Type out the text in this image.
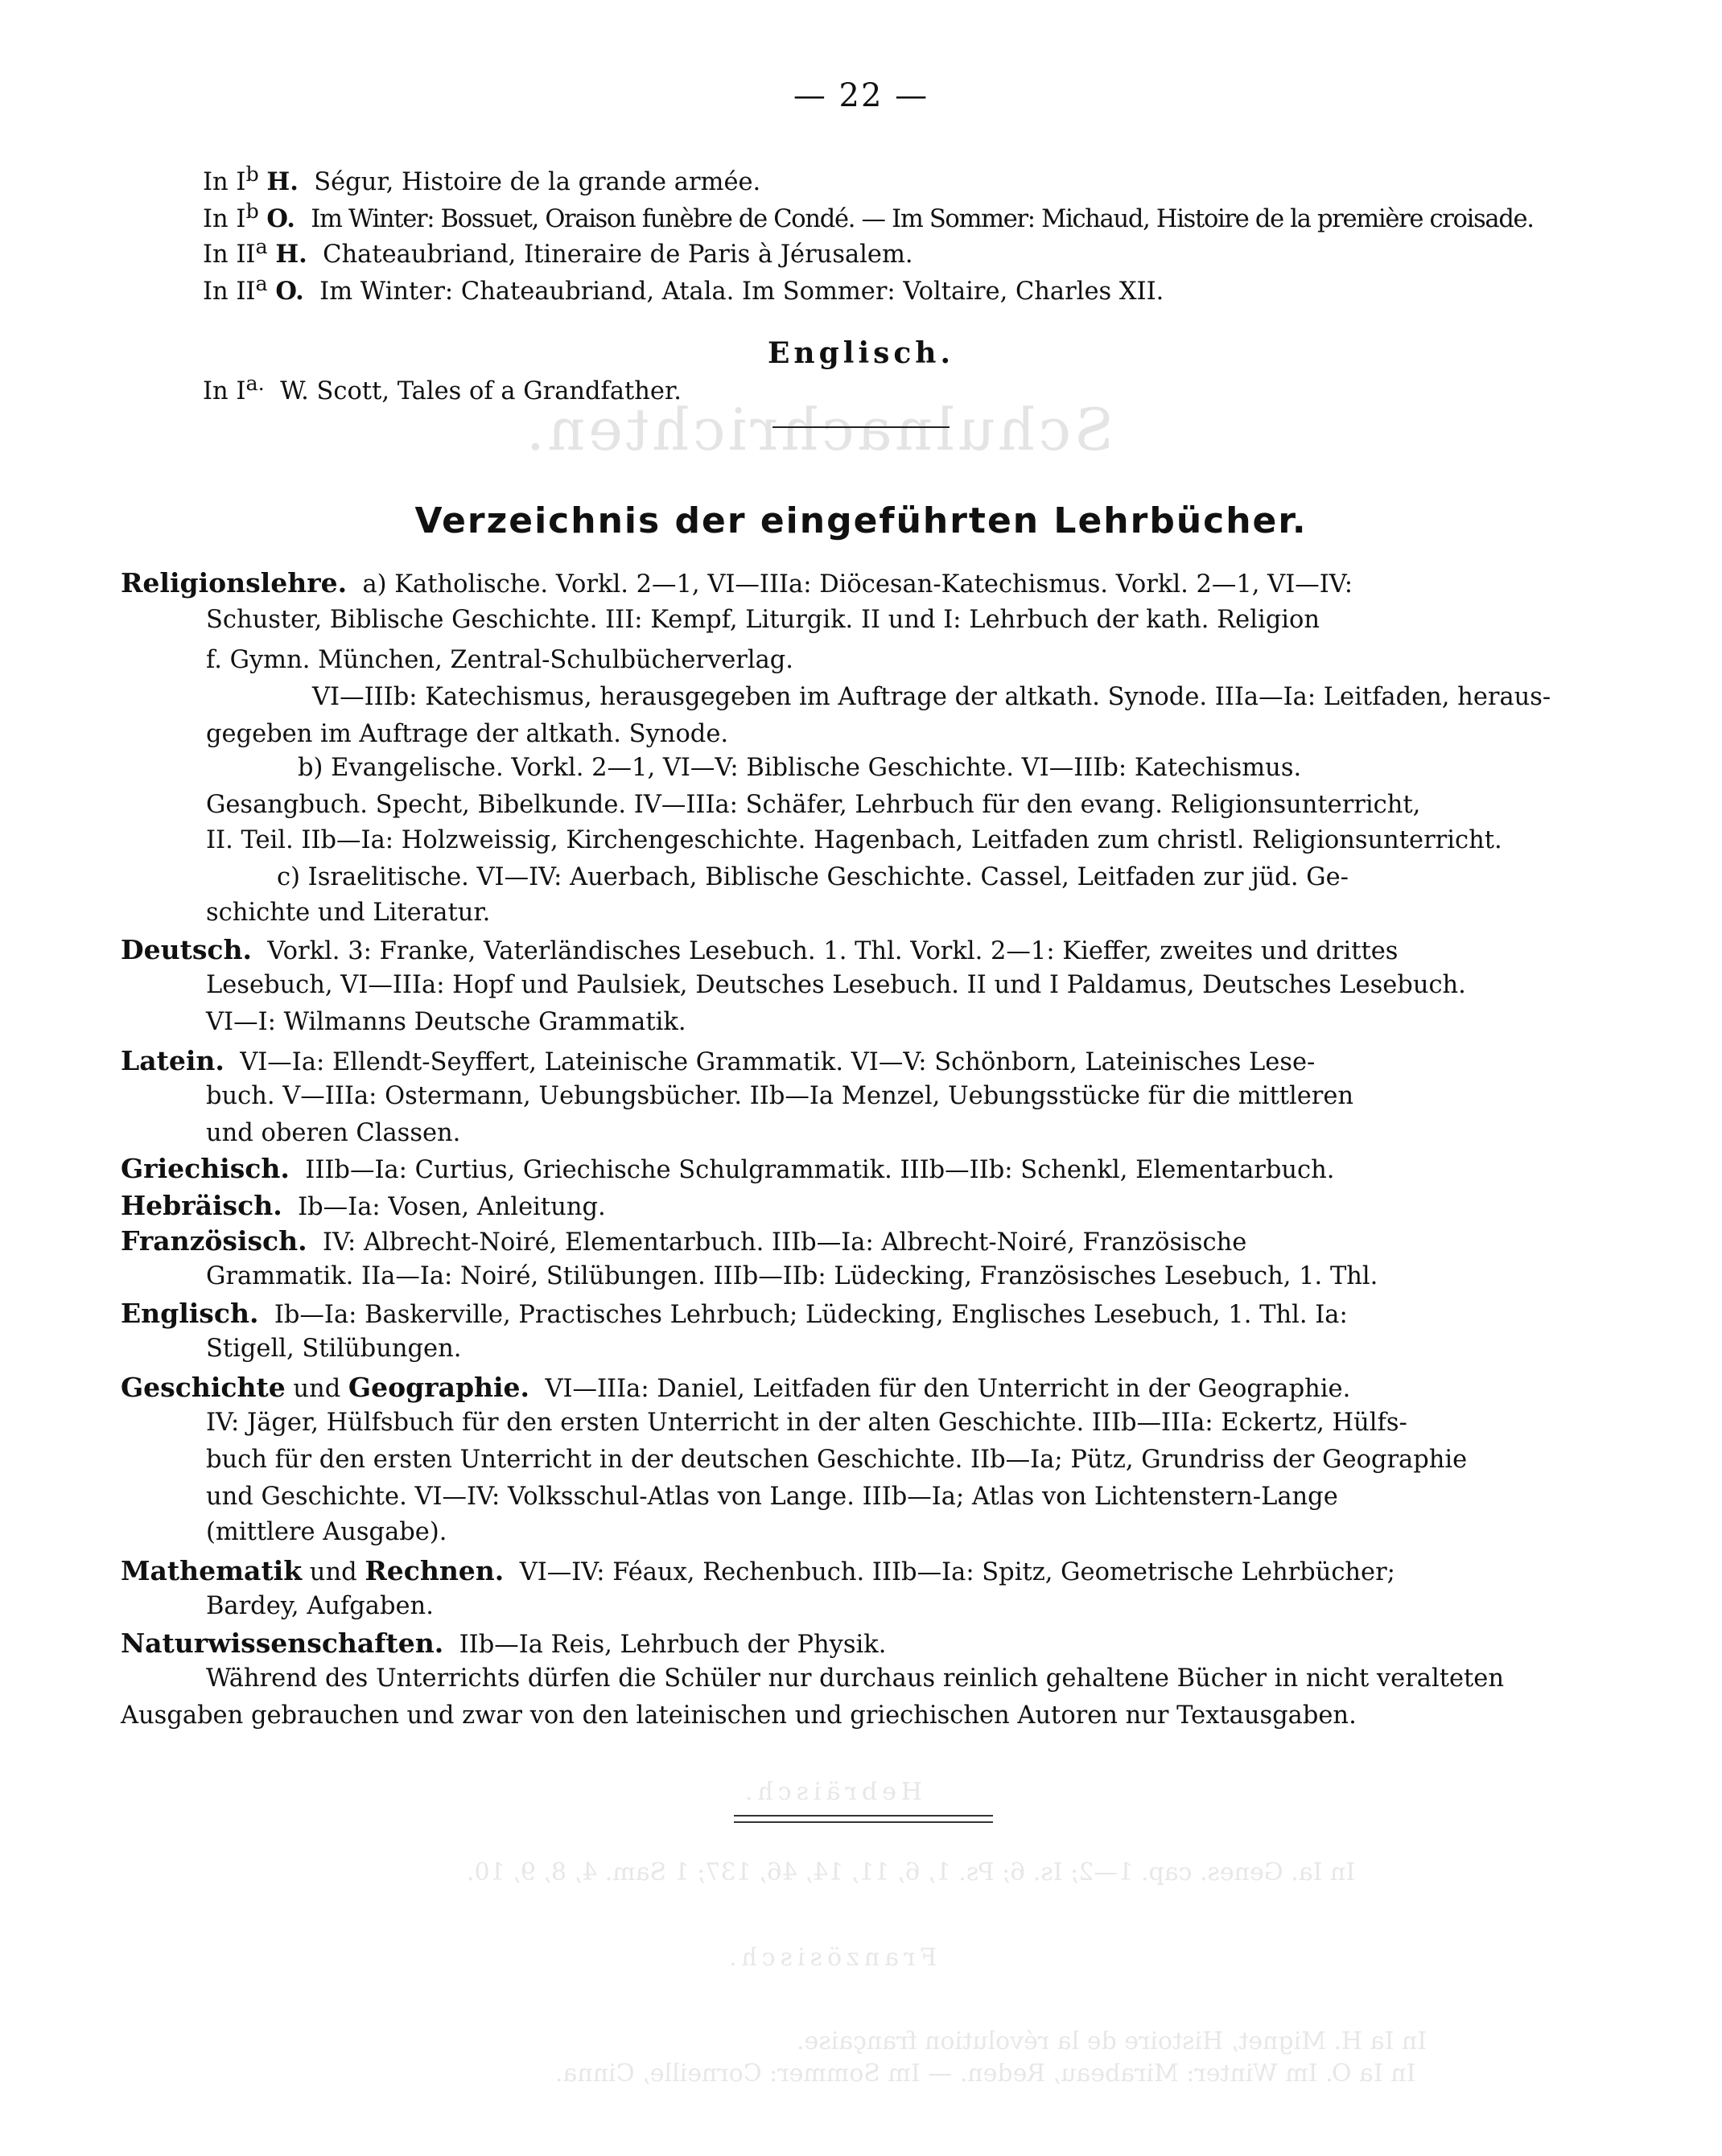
Schulnachrichten.
Hebräisch.
In Ia. Genes. cap. 1—2; Is. 6; Ps. 1, 6, 11, 14, 46, 137; 1 Sam. 4, 8, 9, 10.
Französisch.
In Ia H. Mignet, Histoire de la révolution française.
In Ia O. Im Winter: Mirabeau, Reden. — Im Sommer: Corneille, Cinna.
— 22 —
In $I^b$ H. Ségur, Histoire de la grande armée.
In $I^b$ O. Im Winter: Bossuet, Oraison funèbre de Condé. — Im Sommer: Michaud, Histoire de la première croisade.
In $II^a$ H. Chateaubriand, Itineraire de Paris à Jérusalem.
In $II^a$ O. Im Winter: Chateaubriand, Atala. Im Sommer: Voltaire, Charles XII.
Englisch.
In $I^{a.}$ W. Scott, Tales of a Grandfather.
Verzeichnis der eingeführten Lehrbücher.
Religionslehre. a) Katholische. Vorkl. 2—1, VI—IIIa: Diöcesan-Katechismus. Vorkl. 2—1, VI—IV:
Schuster, Biblische Geschichte. III: Kempf, Liturgik. II und I: Lehrbuch der kath. Religion
f. Gymn. München, Zentral-Schulbücherverlag.
VI—IIIb: Katechismus, herausgegeben im Auftrage der altkath. Synode. IIIa—Ia: Leitfaden, heraus-
gegeben im Auftrage der altkath. Synode.
b) Evangelische. Vorkl. 2—1, VI—V: Biblische Geschichte. VI—IIIb: Katechismus.
Gesangbuch. Specht, Bibelkunde. IV—IIIa: Schäfer, Lehrbuch für den evang. Religionsunterricht,
II. Teil. IIb—Ia: Holzweissig, Kirchengeschichte. Hagenbach, Leitfaden zum christl. Religionsunterricht.
c) Israelitische. VI—IV: Auerbach, Biblische Geschichte. Cassel, Leitfaden zur jüd. Ge-
schichte und Literatur.
Deutsch. Vorkl. 3: Franke, Vaterländisches Lesebuch. 1. Thl. Vorkl. 2—1: Kieffer, zweites und drittes
Lesebuch, VI—IIIa: Hopf und Paulsiek, Deutsches Lesebuch. II und I Paldamus, Deutsches Lesebuch.
VI—I: Wilmanns Deutsche Grammatik.
Latein. VI—Ia: Ellendt-Seyffert, Lateinische Grammatik. VI—V: Schönborn, Lateinisches Lese-
buch. V—IIIa: Ostermann, Uebungsbücher. IIb—Ia Menzel, Uebungsstücke für die mittleren
und oberen Classen.
Griechisch. IIIb—Ia: Curtius, Griechische Schulgrammatik. IIIb—IIb: Schenkl, Elementarbuch.
Hebräisch. Ib—Ia: Vosen, Anleitung.
Französisch. IV: Albrecht-Noiré, Elementarbuch. IIIb—Ia: Albrecht-Noiré, Französische
Grammatik. IIa—Ia: Noiré, Stilübungen. IIIb—IIb: Lüdecking, Französisches Lesebuch, 1. Thl.
Englisch. Ib—Ia: Baskerville, Practisches Lehrbuch; Lüdecking, Englisches Lesebuch, 1. Thl. Ia:
Stigell, Stilübungen.
Geschichte und Geographie. VI—IIIa: Daniel, Leitfaden für den Unterricht in der Geographie.
IV: Jäger, Hülfsbuch für den ersten Unterricht in der alten Geschichte. IIIb—IIIa: Eckertz, Hülfs-
buch für den ersten Unterricht in der deutschen Geschichte. IIb—Ia; Pütz, Grundriss der Geographie
und Geschichte. VI—IV: Volksschul-Atlas von Lange. IIIb—Ia; Atlas von Lichtenstern-Lange
(mittlere Ausgabe).
Mathematik und Rechnen. VI—IV: Féaux, Rechenbuch. IIIb—Ia: Spitz, Geometrische Lehrbücher;
Bardey, Aufgaben.
Naturwissenschaften. IIb—Ia Reis, Lehrbuch der Physik.
Während des Unterrichts dürfen die Schüler nur durchaus reinlich gehaltene Bücher in nicht veralteten
Ausgaben gebrauchen und zwar von den lateinischen und griechischen Autoren nur Textausgaben.
